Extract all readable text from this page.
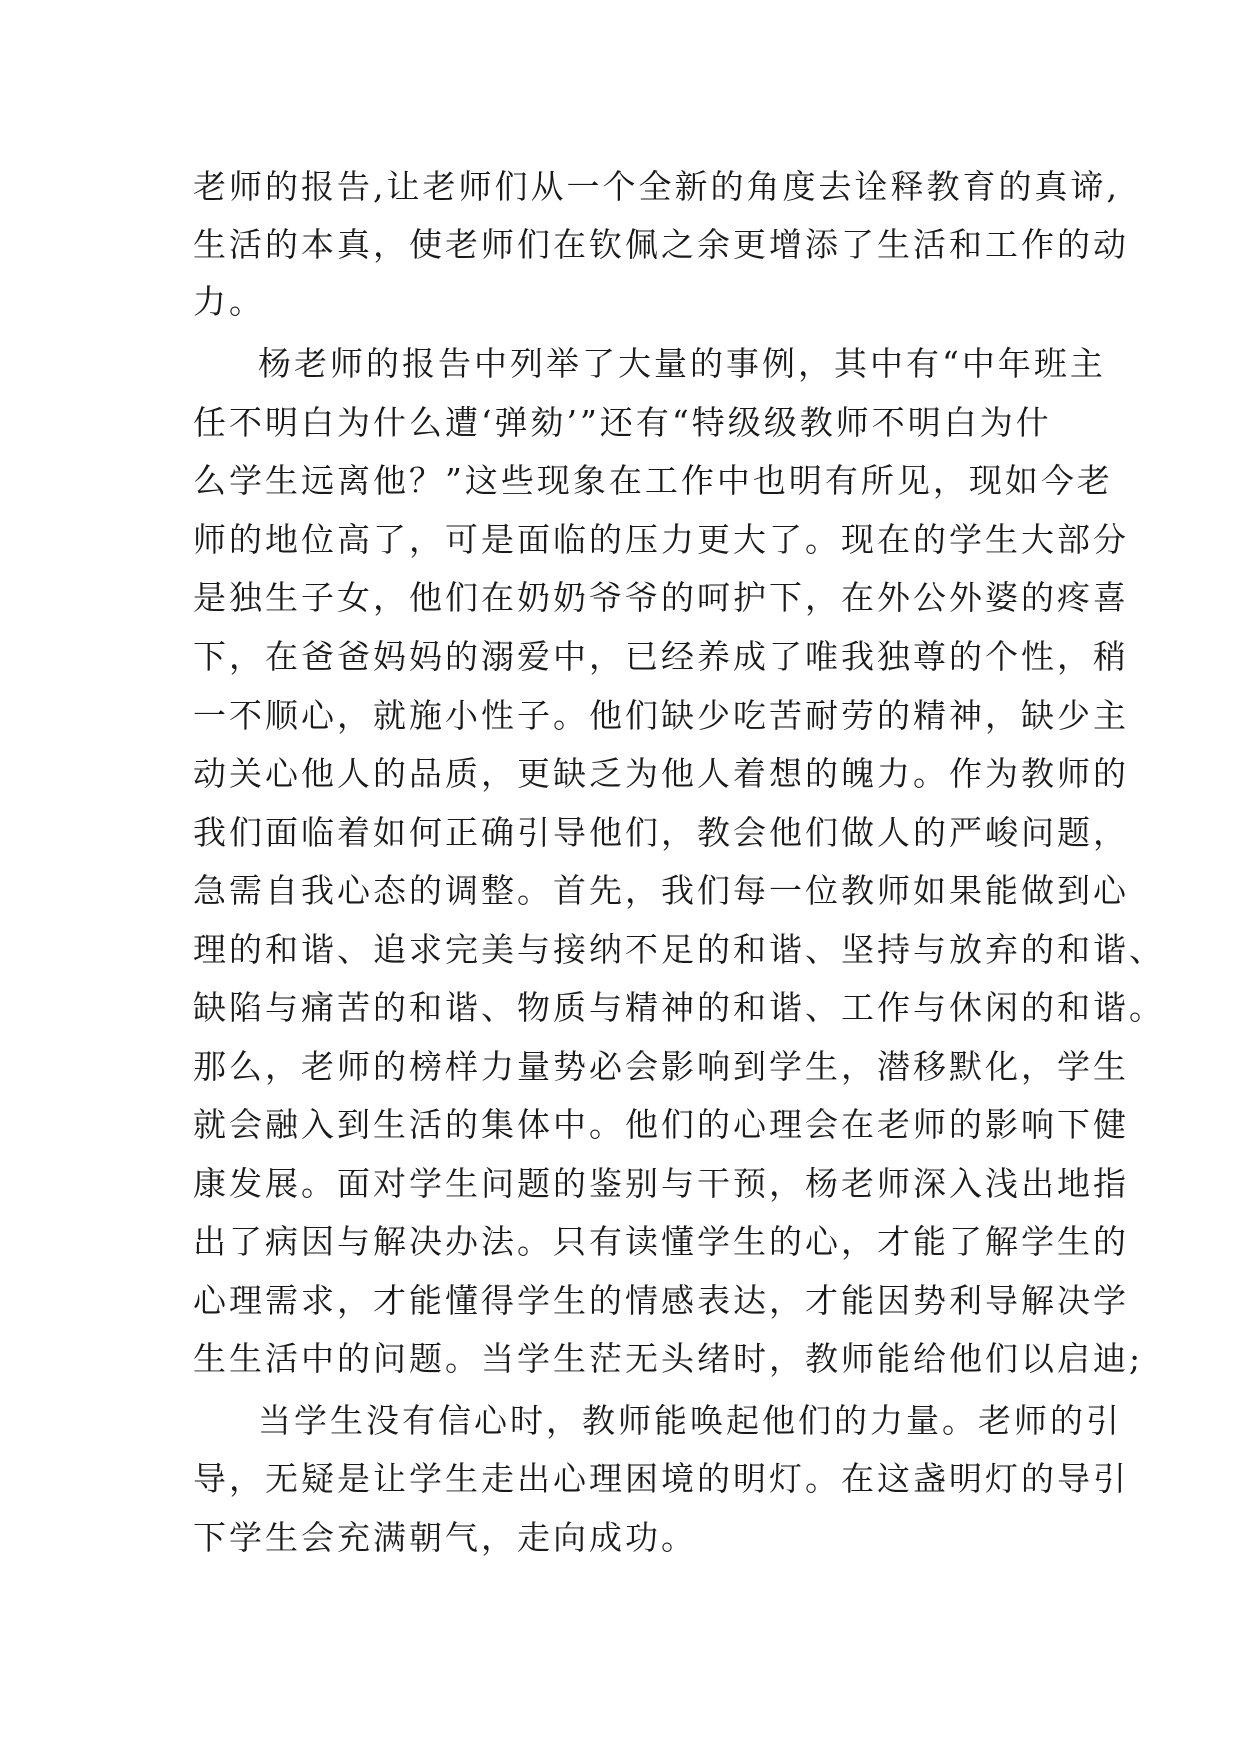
老师的报告,让老师们从一个全新的角度去诠释教育的真谛,
生活的本真，使老师们在钦佩之余更增添了生活和工作的动
力。
杨老师的报告中列举了大量的事例，其中有“中年班主
任不明白为什么遭‘弹劾’”还有“特级级教师不明白为什
么学生远离他？”这些现象在工作中也明有所见，现如今老
师的地位高了，可是面临的压力更大了。现在的学生大部分
是独生子女，他们在奶奶爷爷的呵护下，在外公外婆的疼喜
下，在爸爸妈妈的溺爱中，已经养成了唯我独尊的个性，稍
一不顺心，就施小性子。他们缺少吃苦耐劳的精神，缺少主
动关心他人的品质，更缺乏为他人着想的魄力。作为教师的
我们面临着如何正确引导他们，教会他们做人的严峻问题，
急需自我心态的调整。首先，我们每一位教师如果能做到心
理的和谐、追求完美与接纳不足的和谐、坚持与放弃的和谐、
缺陷与痛苦的和谐、物质与精神的和谐、工作与休闲的和谐。
那么，老师的榜样力量势必会影响到学生，潜移默化，学生
就会融入到生活的集体中。他们的心理会在老师的影响下健
康发展。面对学生问题的鉴别与干预，杨老师深入浅出地指
出了病因与解决办法。只有读懂学生的心，才能了解学生的
心理需求，才能懂得学生的情感表达，才能因势利导解决学
生生活中的问题。当学生茫无头绪时，教师能给他们以启迪;
当学生没有信心时，教师能唤起他们的力量。老师的引
导，无疑是让学生走出心理困境的明灯。在这盏明灯的导引
下学生会充满朝气，走向成功。
